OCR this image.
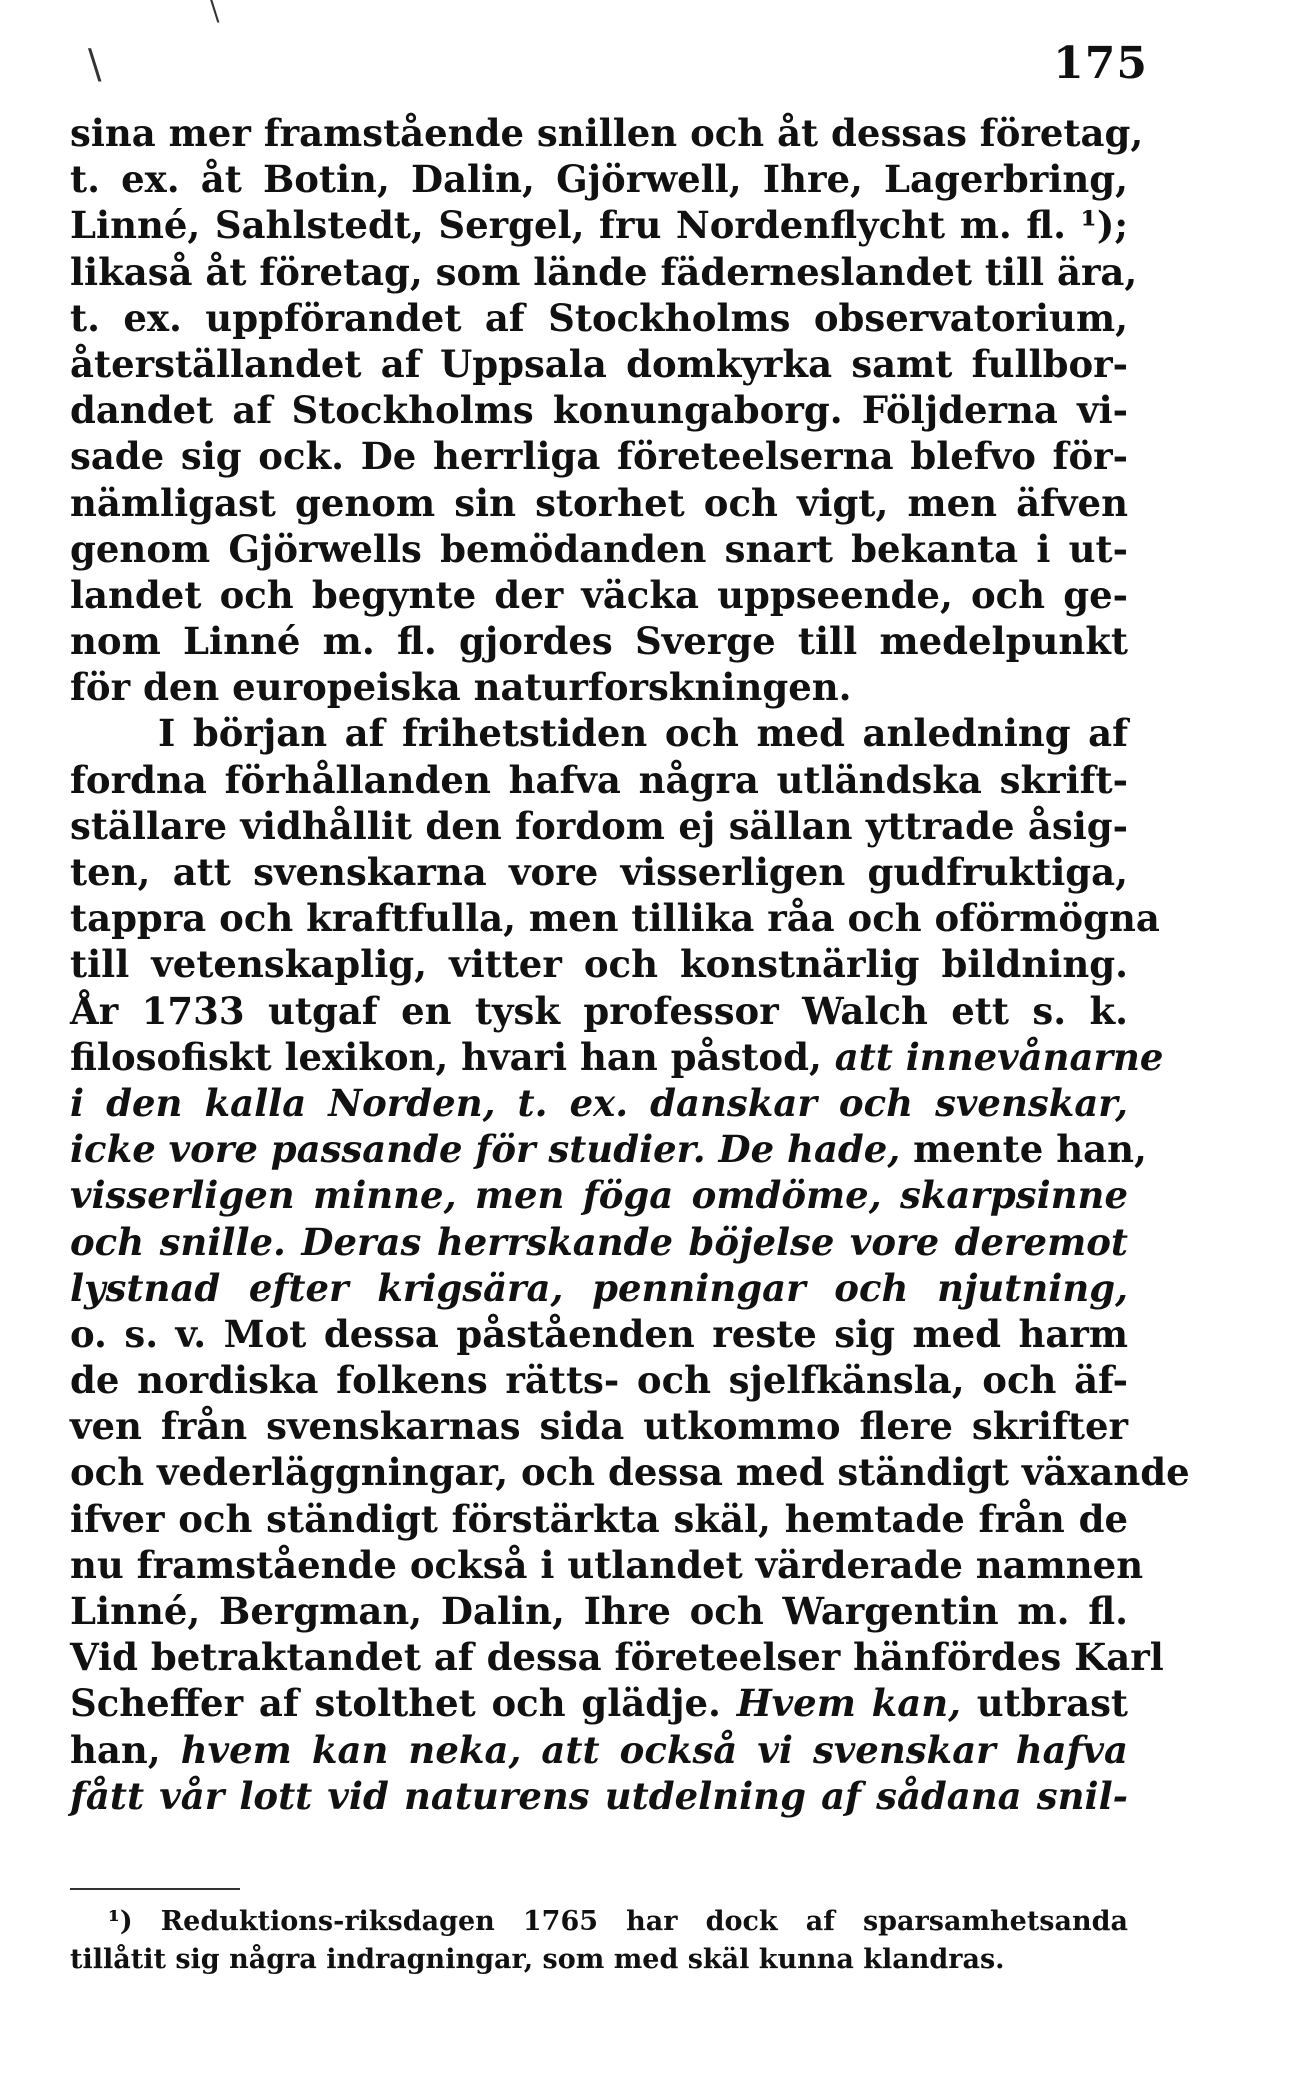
\
\
175
sina mer framstående snillen och åt dessas företag,
t. ex. åt Botin, Dalin, Gjörwell, Ihre, Lagerbring,
Linné, Sahlstedt, Sergel, fru Nordenflycht m. fl. ¹);
likaså åt företag, som lände fäderneslandet till ära,
t. ex. uppförandet af Stockholms observatorium,
återställandet af Uppsala domkyrka samt fullbor-
dandet af Stockholms konungaborg. Följderna vi-
sade sig ock. De herrliga företeelserna blefvo för-
nämligast genom sin storhet och vigt, men äfven
genom Gjörwells bemödanden snart bekanta i ut-
landet och begynte der väcka uppseende, och ge-
nom Linné m. fl. gjordes Sverge till medelpunkt
för den europeiska naturforskningen.
I början af frihetstiden och med anledning af
fordna förhållanden hafva några utländska skrift-
ställare vidhållit den fordom ej sällan yttrade åsig-
ten, att svenskarna vore visserligen gudfruktiga,
tappra och kraftfulla, men tillika råa och oförmögna
till vetenskaplig, vitter och konstnärlig bildning.
År 1733 utgaf en tysk professor Walch ett s. k.
filosofiskt lexikon, hvari han påstod, att innevånarne
i den kalla Norden, t. ex. danskar och svenskar,
icke vore passande för studier. De hade, mente han,
visserligen minne, men föga omdöme, skarpsinne
och snille. Deras herrskande böjelse vore deremot
lystnad efter krigsära, penningar och njutning,
o. s. v. Mot dessa påståenden reste sig med harm
de nordiska folkens rätts- och sjelfkänsla, och äf-
ven från svenskarnas sida utkommo flere skrifter
och vederläggningar, och dessa med ständigt växande
ifver och ständigt förstärkta skäl, hemtade från de
nu framstående också i utlandet värderade namnen
Linné, Bergman, Dalin, Ihre och Wargentin m. fl.
Vid betraktandet af dessa företeelser hänfördes Karl
Scheffer af stolthet och glädje. Hvem kan, utbrast
han, hvem kan neka, att också vi svenskar hafva
fått vår lott vid naturens utdelning af sådana snil-
¹) Reduktions-riksdagen 1765 har dock af sparsamhetsanda
tillåtit sig några indragningar, som med skäl kunna klandras.
